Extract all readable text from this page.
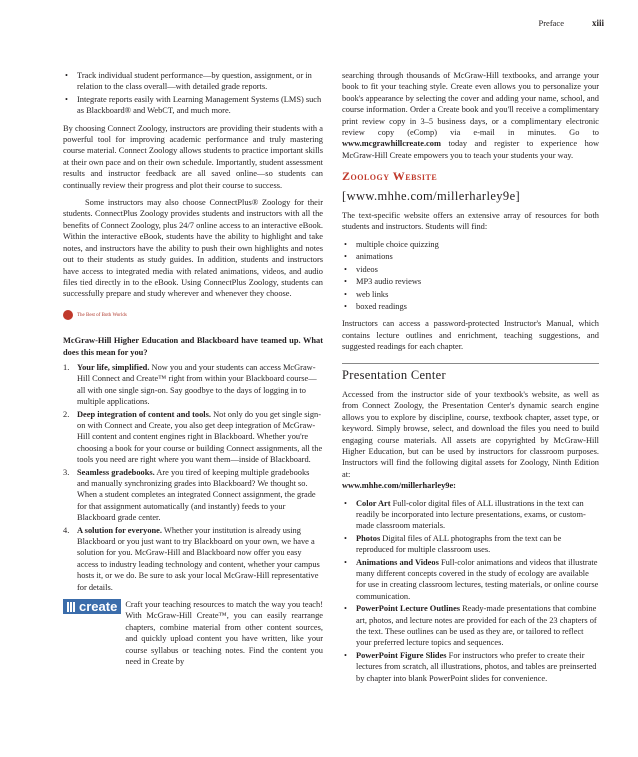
Preface	xiii
• Track individual student performance—by question, assignment, or in relation to the class overall—with detailed grade reports.
• Integrate reports easily with Learning Management Systems (LMS) such as Blackboard® and WebCT, and much more.

By choosing Connect Zoology, instructors are providing their students with a powerful tool for improving academic performance and truly mastering course material. Connect Zoology allows students to practice important skills at their own pace and on their own schedule. Importantly, student assessment results and instructor feedback are all saved online—so students can continually review their progress and plot their course to success.

Some instructors may also choose ConnectPlus® Zoology for their students. ConnectPlus Zoology provides students and instructors with all the benefits of Connect Zoology, plus 24/7 online access to an interactive eBook. Within the interactive eBook, students have the ability to highlight and take notes, and instructors have the ability to push their own highlights and notes out to their students as study guides. In addition, students and instructors have access to integrated media with related animations, videos, and audio files tied directly in to the eBook. Using ConnectPlus Zoology, students can successfully prepare and study wherever and whenever they choose.

The Best of Both Worlds
McGraw-Hill Higher Education and Blackboard have teamed up. What does this mean for you?
1. Your life, simplified. Now you and your students can access McGraw-Hill Connect and Create™ right from within your Blackboard course—all with one single sign-on. Say goodbye to the days of logging in to multiple applications.
2. Deep integration of content and tools. Not only do you get single sign-on with Connect and Create, you also get deep integration of McGraw-Hill content and content engines right in Blackboard. Whether you're choosing a book for your course or building Connect assignments, all the tools you need are right where you want them—inside of Blackboard.
3. Seamless gradebooks. Are you tired of keeping multiple gradebooks and manually synchronizing grades into Blackboard? We thought so. When a student completes an integrated Connect assignment, the grade for that assignment automatically (and instantly) feeds to your Blackboard grade center.
4. A solution for everyone. Whether your institution is already using Blackboard or you just want to try Blackboard on your own, we have a solution for you. McGraw-Hill and Blackboard now offer you easy access to industry leading technology and content, whether your campus hosts it, or we do. Be sure to ask your local McGraw-Hill representative for details.
create Craft your teaching resources to match the way you teach! With McGraw-Hill Create™, you can easily rearrange chapters, combine material from other content sources, and quickly upload content you have written, like your course syllabus or teaching notes. Find the content you need in Create by

searching through thousands of McGraw-Hill textbooks, and arrange your book to fit your teaching style. Create even allows you to personalize your book's appearance by selecting the cover and adding your name, school, and course information. Order a Create book and you'll receive a complimentary print review copy in 3–5 business days, or a complimentary electronic review copy (eComp) via e-mail in minutes. Go to www.mcgrawhillcreate.com today and register to experience how McGraw-Hill Create empowers you to teach your students your way.

Zoology Website
[www.mhhe.com/millerharley9e]

The text-specific website offers an extensive array of resources for both students and instructors. Students will find:

• multiple choice quizzing
• animations
• videos
• MP3 audio reviews
• web links
• boxed readings

Instructors can access a password-protected Instructor's Manual, which contains lecture outlines and enrichment, teaching suggestions, and suggested readings for each chapter.

Presentation Center

Accessed from the instructor side of your textbook's website, as well as from Connect Zoology, the Presentation Center's dynamic search engine allows you to explore by discipline, course, textbook chapter, asset type, or keyword. Simply browse, select, and download the files you need to build engaging course materials. All assets are copyrighted by McGraw-Hill Higher Education, but can be used by instructors for classroom purposes. Instructors will find the following digital assets for Zoology, Ninth Edition at:
www.mhhe.com/millerharley9e:

• Color Art Full-color digital files of ALL illustrations in the text can readily be incorporated into lecture presentations, exams, or custom-made classroom materials.
• Photos Digital files of ALL photographs from the text can be reproduced for multiple classroom uses.
• Animations and Videos Full-color animations and videos that illustrate many different concepts covered in the study of ecology are available for use in creating classroom lectures, testing materials, or online course communication.
• PowerPoint Lecture Outlines Ready-made presentations that combine art, photos, and lecture notes are provided for each of the 23 chapters of the text. These outlines can be used as they are, or tailored to reflect your preferred lecture topics and sequences.
• PowerPoint Figure Slides For instructors who prefer to create their lectures from scratch, all illustrations, photos, and tables are preinserted by chapter into blank PowerPoint slides for convenience.
